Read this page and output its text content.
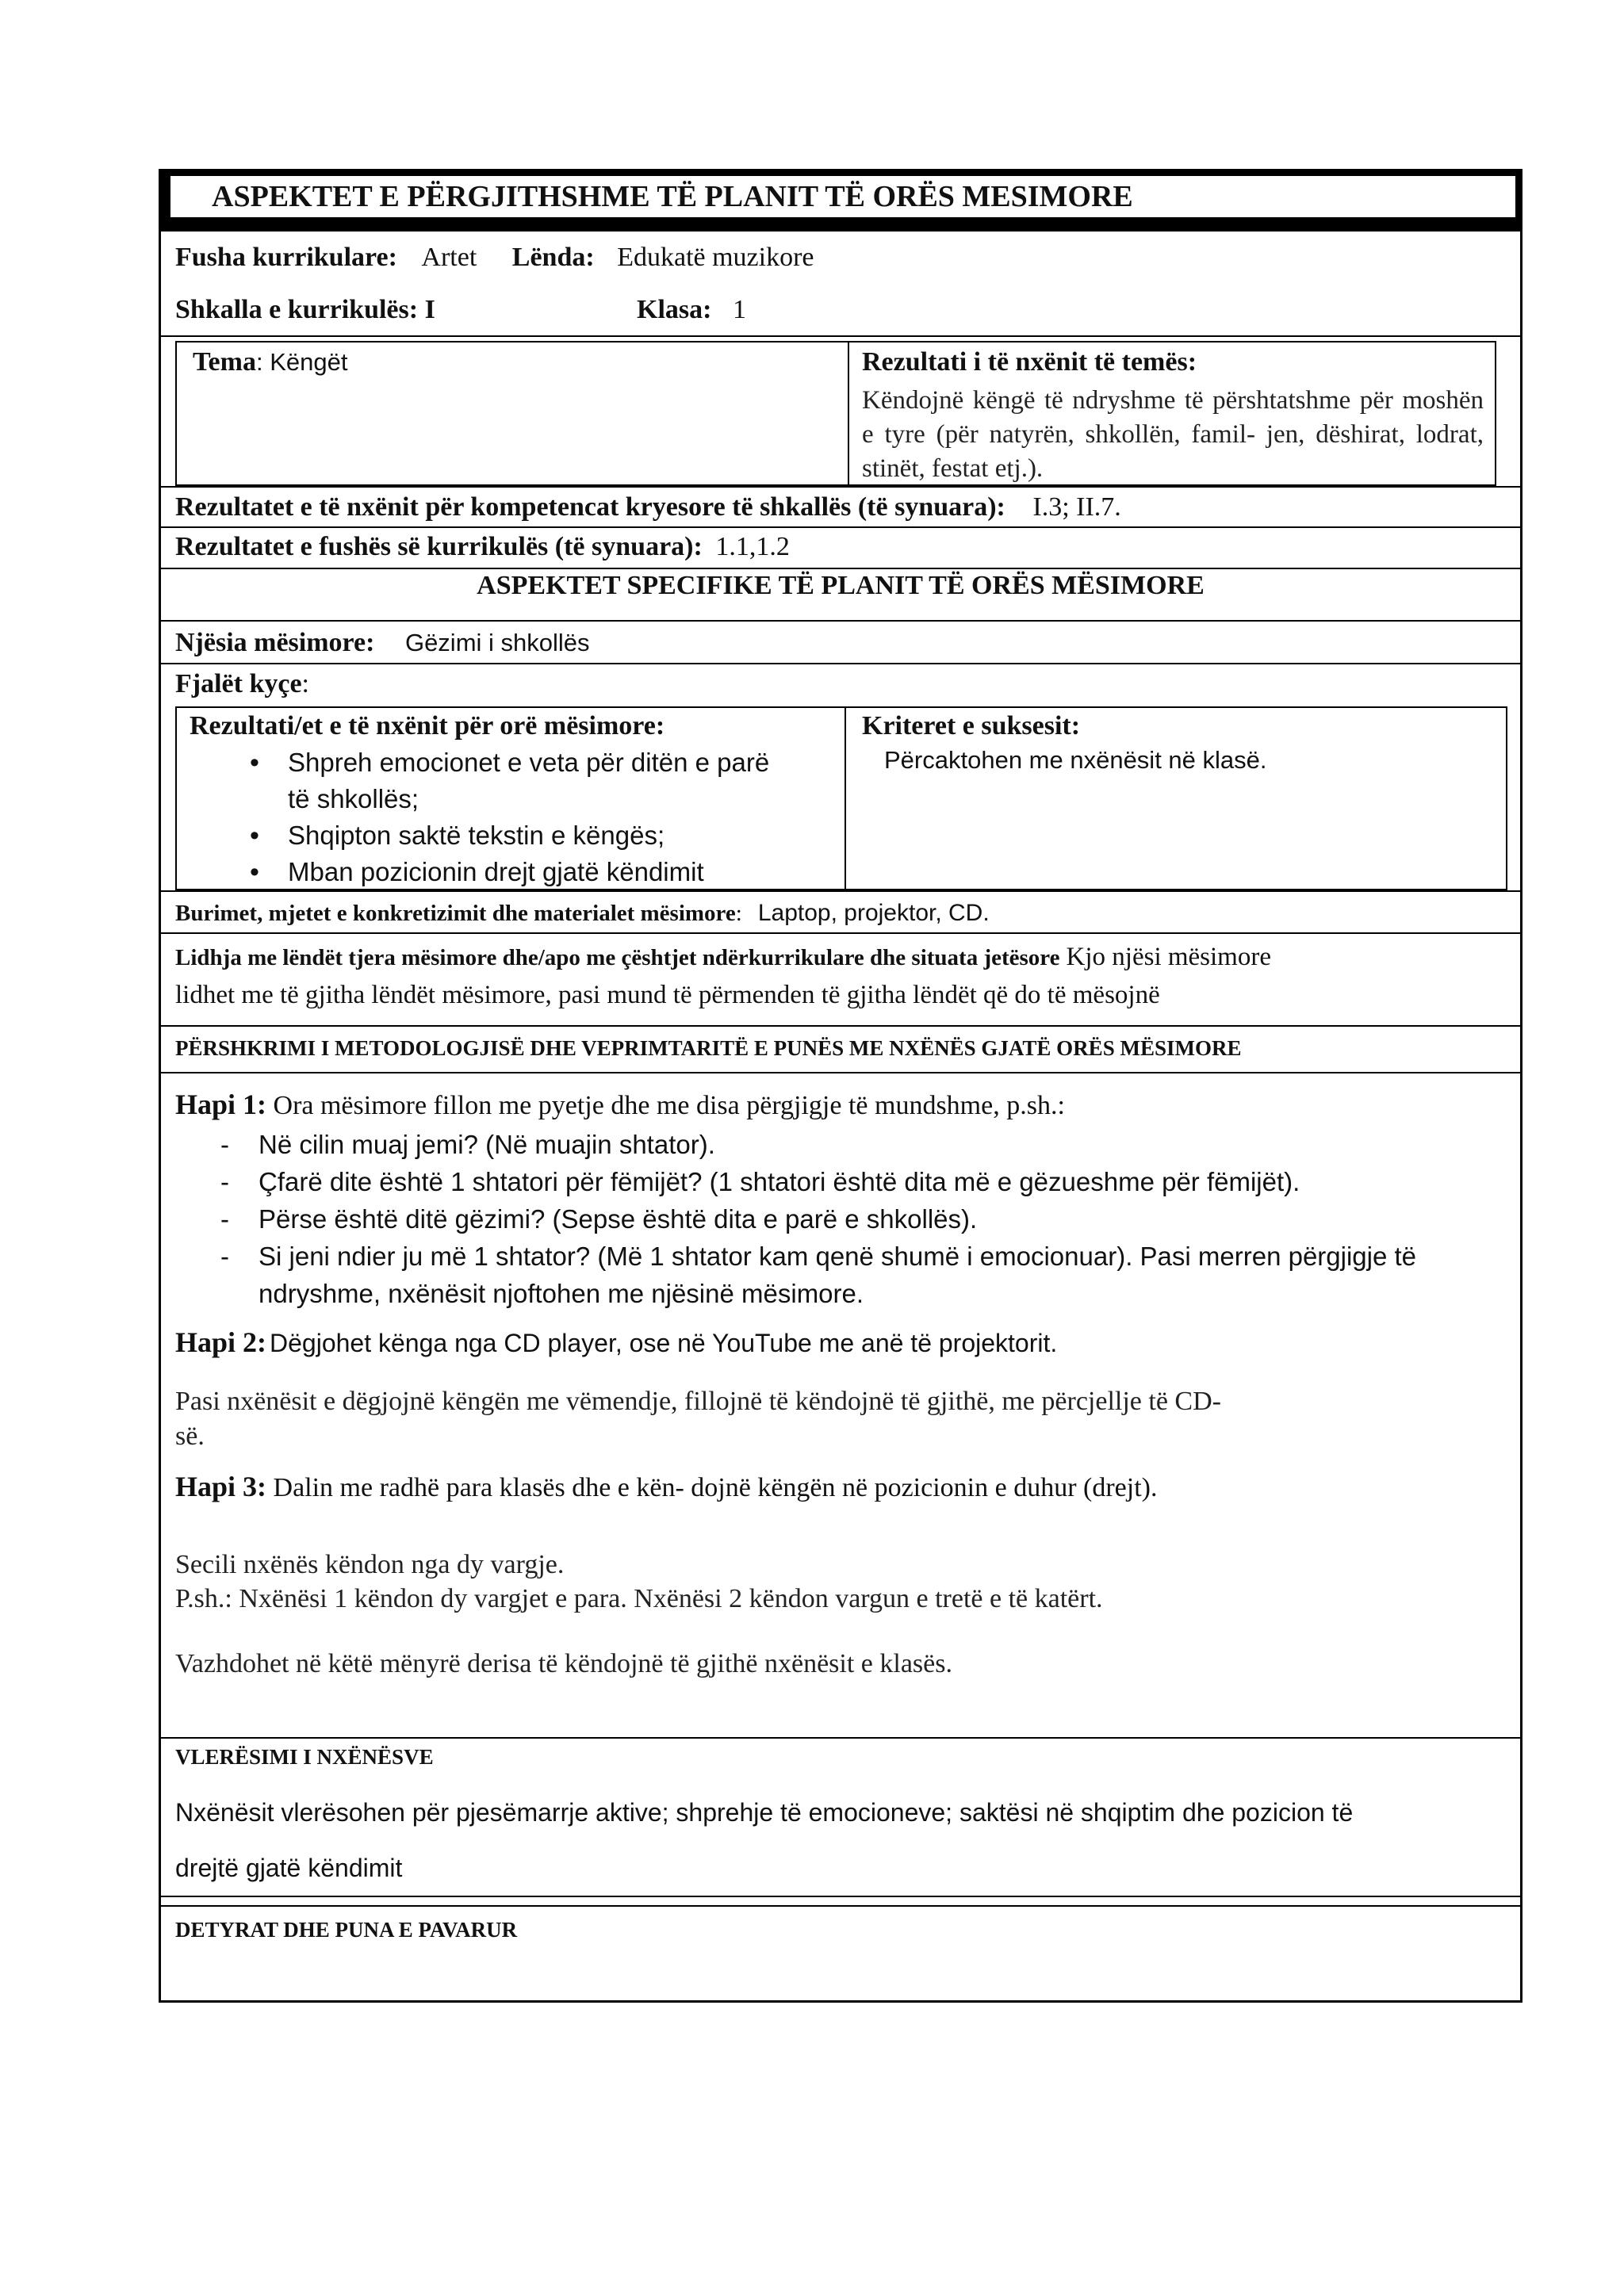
ASPEKTET E PËRGJITHSHME TË PLANIT TË ORËS MESIMORE
Fusha kurrikulare: Artet Lënda: Edukatë muzikore
Shkalla e kurrikulës: I	Klasa: 1
Tema: Këngët	Rezultati i të nxënit të temës:
Këndojnë këngë të ndryshme të përshtatshme për moshën e tyre (për natyrën, shkollën, famil- jen, dëshirat, lodrat, stinët, festat etj.).
Rezultatet e të nxënit për kompetencat kryesore të shkallës (të synuara): I.3; II.7.
Rezultatet e fushës së kurrikulës (të synuara): 1.1,1.2
ASPEKTET SPECIFIKE TË PLANIT TË ORËS MËSIMORE
Njësia mësimore: Gëzimi i shkollës
Fjalët kyçe:
Rezultati/et e të nxënit për orë mësimore:
• Shpreh emocionet e veta për ditën e parë
të shkollës;
• Shqipton saktë tekstin e këngës;
• Mban pozicionin drejt gjatë këndimit
Kriteret e suksesit:
Përcaktohen me nxënësit në klasë.
Burimet, mjetet e konkretizimit dhe materialet mësimore: Laptop, projektor, CD.
Lidhja me lëndët tjera mësimore dhe/apo me çështjet ndërkurrikulare dhe situata jetësore Kjo njësi mësimore
lidhet me të gjitha lëndët mësimore, pasi mund të përmenden të gjitha lëndët që do të mësojnë
PËRSHKRIMI I METODOLOGJISË DHE VEPRIMTARITË E PUNËS ME NXËNËS GJATË ORËS MËSIMORE
Hapi 1: Ora mësimore fillon me pyetje dhe me disa përgjigje të mundshme, p.sh.:
- Në cilin muaj jemi? (Në muajin shtator).
- Çfarë dite është 1 shtatori për fëmijët? (1 shtatori është dita më e gëzueshme për fëmijët).
- Përse është ditë gëzimi? (Sepse është dita e parë e shkollës).
- Si jeni ndier ju më 1 shtator? (Më 1 shtator kam qenë shumë i emocionuar). Pasi merren përgjigje të
ndryshme, nxënësit njoftohen me njësinë mësimore.
Hapi 2: Dëgjohet kënga nga CD player, ose në YouTube me anë të projektorit.
Pasi nxënësit e dëgjojnë këngën me vëmendje, fillojnë të këndojnë të gjithë, me përcjellje të CD-
së.
Hapi 3: Dalin me radhë para klasës dhe e kën- dojnë këngën në pozicionin e duhur (drejt).
Secili nxënës këndon nga dy vargje.
P.sh.: Nxënësi 1 këndon dy vargjet e para. Nxënësi 2 këndon vargun e tretë e të katërt.
Vazhdohet në këtë mënyrë derisa të këndojnë të gjithë nxënësit e klasës.
VLERËSIMI I NXËNËSVE
Nxënësit vlerësohen për pjesëmarrje aktive; shprehje të emocioneve; saktësi në shqiptim dhe pozicion të
drejtë gjatë këndimit
DETYRAT DHE PUNA E PAVARUR
